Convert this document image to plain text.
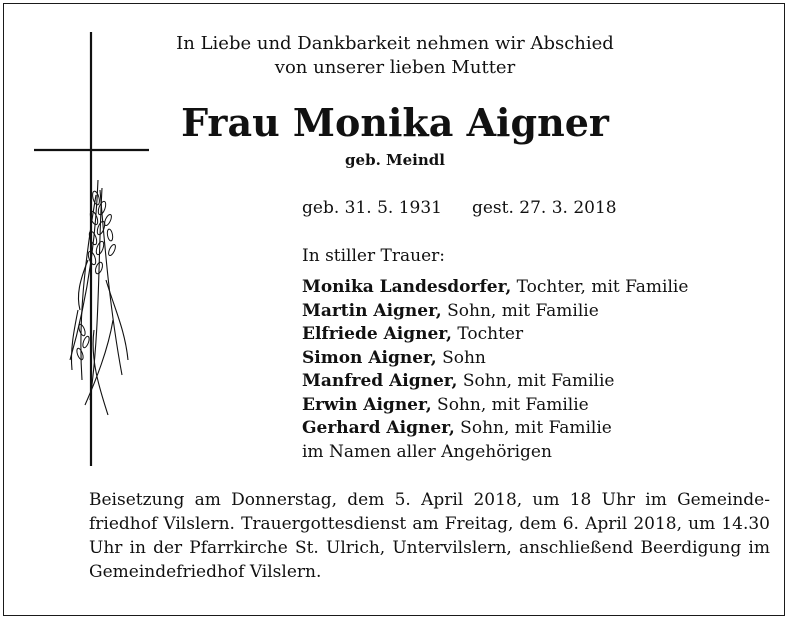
In Liebe und Dankbarkeit nehmen wir Abschied
von unserer lieben Mutter
Frau Monika Aigner
geb. Meindl
geb. 31. 5. 1931 gest. 27. 3. 2018
In stiller Trauer:
Monika Landesdorfer, Tochter, mit Familie
Martin Aigner, Sohn, mit Familie
Elfriede Aigner, Tochter
Simon Aigner, Sohn
Manfred Aigner, Sohn, mit Familie
Erwin Aigner, Sohn, mit Familie
Gerhard Aigner, Sohn, mit Familie
im Namen aller Angehörigen
Beisetzung am Donnerstag, dem 5. April 2018, um 18 Uhr im Gemeindefriedhof Vilslern. Trauergottesdienst am Freitag, dem 6. April 2018, um 14.30 Uhr in der Pfarrkirche St. Ulrich, Untervilslern, anschließend Beerdigung im Gemeindefriedhof Vilslern.
